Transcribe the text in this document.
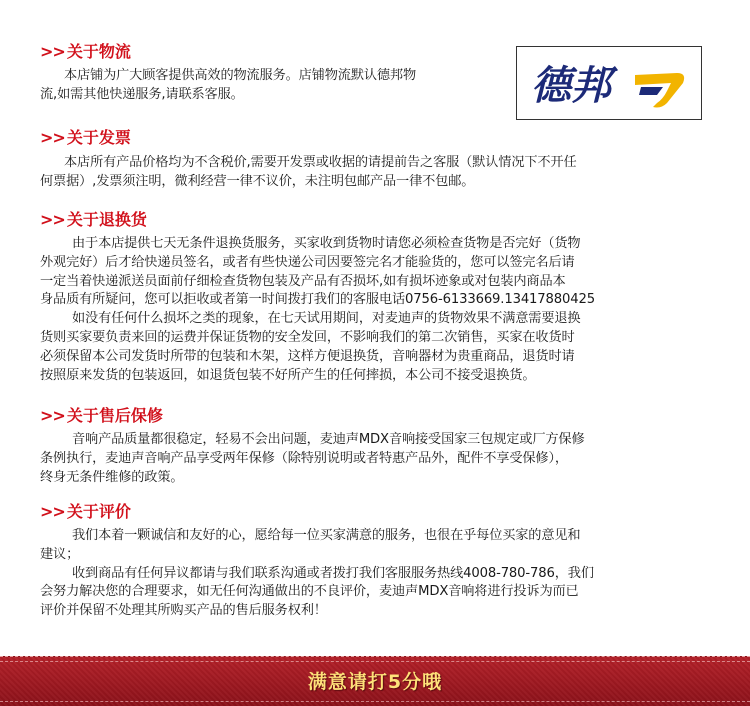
>> 关于物流

本店铺为广大顾客提供高效的物流服务。店铺物流默认德邦物
流,如需其他快递服务,请联系客服。	德邦
>> 关于发票

本店所有产品价格均为不含税价,需要开发票或收据的请提前告之客服（默认情况下不开任
何票据）,发票须注明，微利经营一律不议价，未注明包邮产品一律不包邮。

>> 关于退换货

由于本店提供七天无条件退换货服务，买家收到货物时请您必须检查货物是否完好（货物
外观完好）后才给快递员签名，或者有些快递公司因要签完名才能验货的，您可以签完名后请
一定当着快递派送员面前仔细检查货物包装及产品有否损坏,如有损坏迹象或对包装内商品本
身品质有所疑问，您可以拒收或者第一时间拨打我们的客服电话0756-6133669.13417880425
如没有任何什么损坏之类的现象，在七天试用期间，对麦迪声的货物效果不满意需要退换
货则买家要负责来回的运费并保证货物的安全发回，不影响我们的第二次销售，买家在收货时
必须保留本公司发货时所带的包装和木架，这样方便退换货，音响器材为贵重商品，退货时请
按照原来发货的包装返回，如退货包装不好所产生的任何摔损，本公司不接受退换货。

>> 关于售后保修

音响产品质量都很稳定，轻易不会出问题，麦迪声MDX音响接受国家三包规定或厂方保修
条例执行，麦迪声音响产品享受两年保修（除特别说明或者特惠产品外，配件不享受保修），
终身无条件维修的政策。

>> 关于评价

我们本着一颗诚信和友好的心，愿给每一位买家满意的服务，也很在乎每位买家的意见和
建议；
收到商品有任何异议都请与我们联系沟通或者拨打我们客服服务热线4008-780-786，我们
会努力解决您的合理要求，如无任何沟通做出的不良评价，麦迪声MDX音响将进行投诉为而已
评价并保留不处理其所购买产品的售后服务权利！

满意请打5分哦
